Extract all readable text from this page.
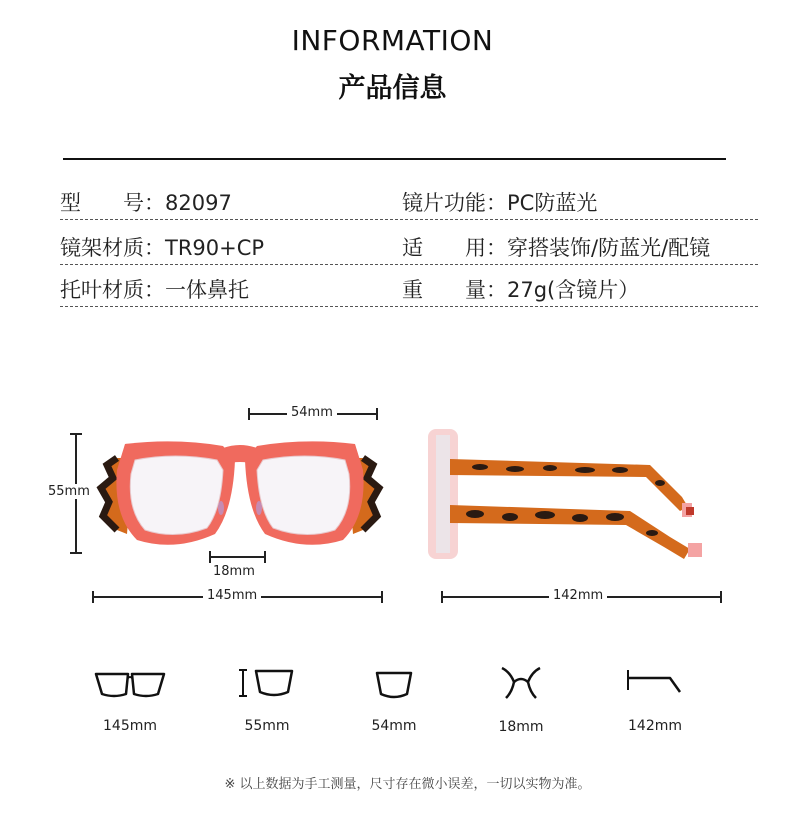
INFORMATION
产品信息
型　　号：82097	镜片功能：PC防蓝光
镜架材质：TR90+CP	适　　用：穿搭装饰/防蓝光/配镜
托叶材质：一体鼻托	重　　量：27g(含镜片）
54mm
55mm
18mm
145mm	142mm
145mm	55mm	54mm	18mm	142mm
※ 以上数据为手工测量，尺寸存在微小误差，一切以实物为准。
